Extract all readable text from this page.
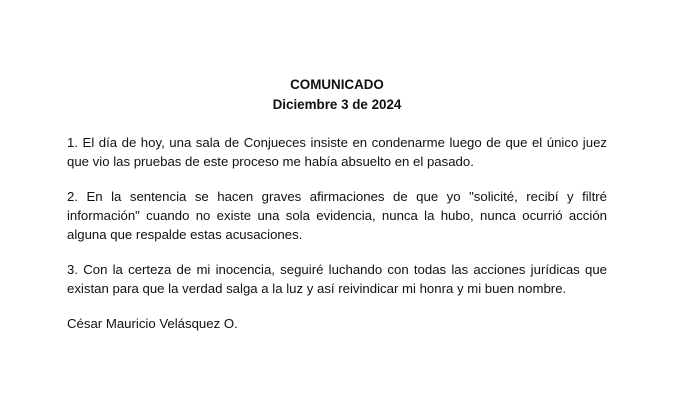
COMUNICADO
Diciembre 3 de 2024

1. El día de hoy, una sala de Conjueces insiste en condenarme luego de que el único juez que vio las pruebas de este proceso me había absuelto en el pasado.

2. En la sentencia se hacen graves afirmaciones de que yo "solicité, recibí y filtré información" cuando no existe una sola evidencia, nunca la hubo, nunca ocurrió acción alguna que respalde estas acusaciones.

3. Con la certeza de mi inocencia, seguiré luchando con todas las acciones jurídicas que existan para que la verdad salga a la luz y así reivindicar mi honra y mi buen nombre.

César Mauricio Velásquez O.
